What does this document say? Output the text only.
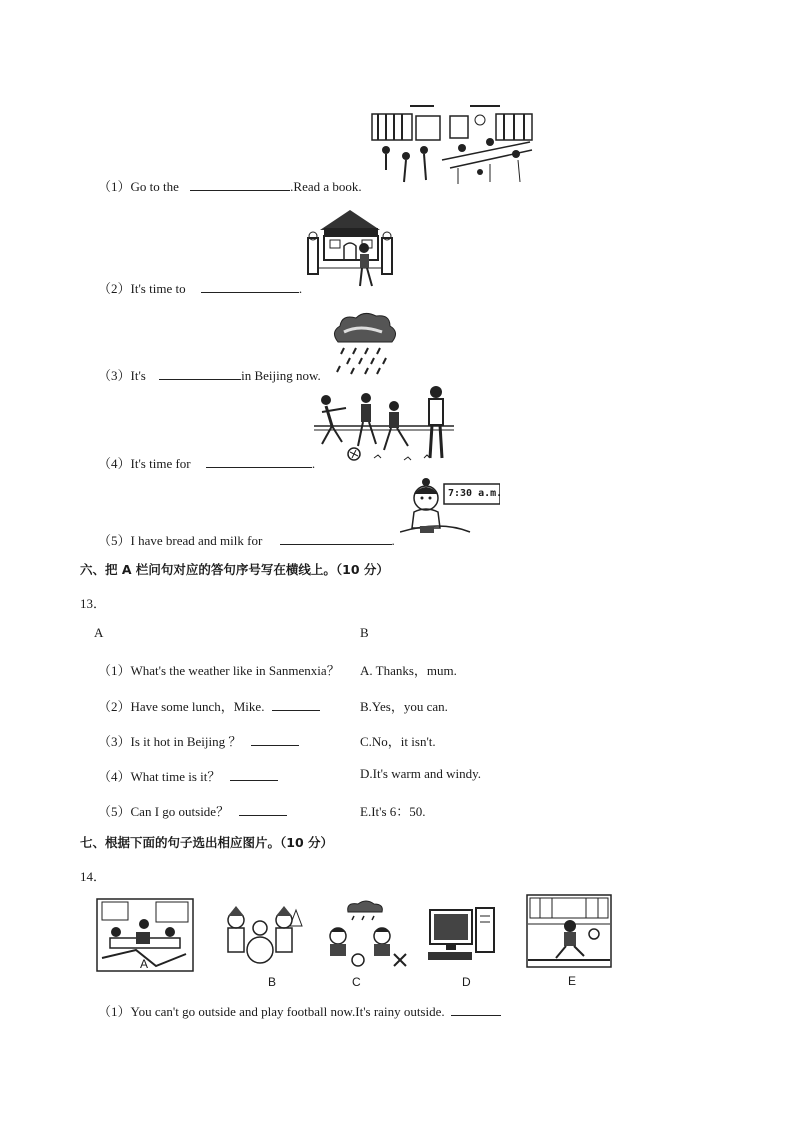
（1）Go to the	.Read a book.
（2）It's time to	.
（3）It's	in Beijing now.
（4）It's time for	.
（5）I have bread and milk for	.
7:30 a.m.
六、把 A 栏问句对应的答句序号写在横线上。（10 分）
13．
A	B
（1）What's the weather like in Sanmenxia？ A. Thanks，mum.
（2）Have some lunch，Mike.	B.Yes，you can.
（3）Is it hot in Beijing ？	C.No，it isn't.
（4）What time is it？	D.It's warm and windy.
（5）Can I go outside？	E.It's 6：50.
七、根据下面的句子选出相应图片。（10 分）
14．
A
B	C	D	E
（1）You can't go outside and play football now.It's rainy outside.
